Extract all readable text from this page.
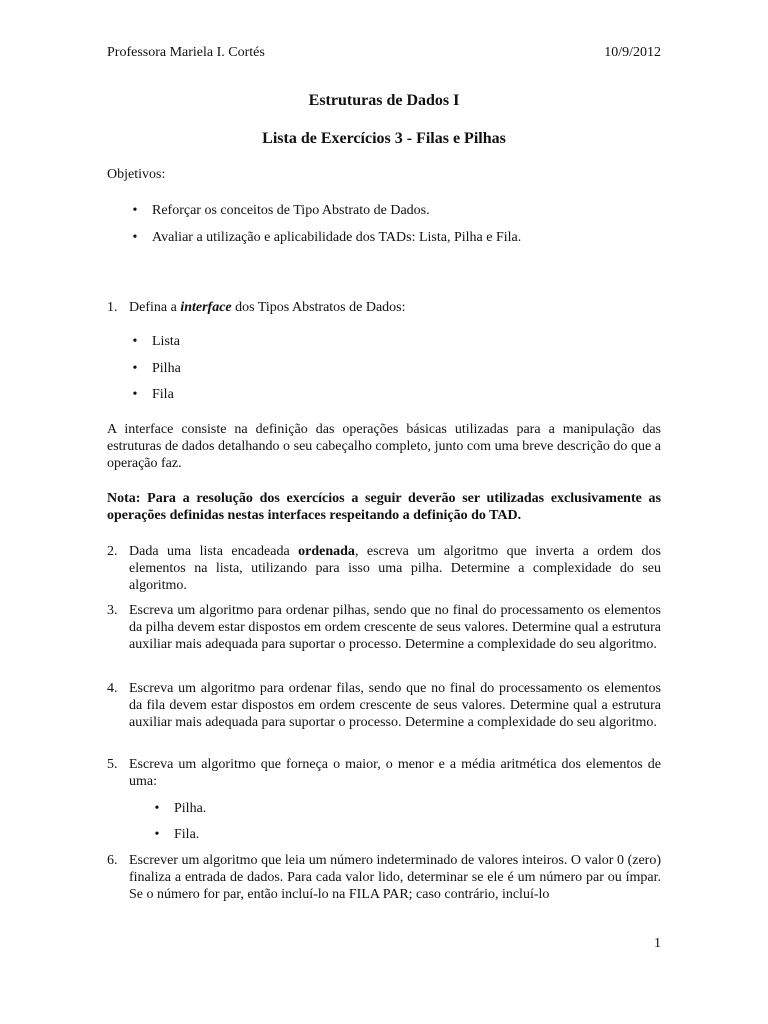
Professora Mariela I. Cortés	10/9/2012
Estruturas de Dados I
Lista de Exercícios 3 - Filas e Pilhas
Objetivos:
•	Reforçar os conceitos de Tipo Abstrato de Dados.
•	Avaliar a utilização e aplicabilidade dos TADs: Lista, Pilha e Fila.
1. Defina a interface dos Tipos Abstratos de Dados:
•	Lista
•	Pilha
•	Fila
A interface consiste na definição das operações básicas utilizadas para a manipulação das estruturas de dados detalhando o seu cabeçalho completo, junto com uma breve descrição do que a operação faz.
Nota: Para a resolução dos exercícios a seguir deverão ser utilizadas exclusivamente as operações definidas nestas interfaces respeitando a definição do TAD.
2. Dada uma lista encadeada ordenada, escreva um algoritmo que inverta a ordem dos elementos na lista, utilizando para isso uma pilha. Determine a complexidade do seu algoritmo.
3. Escreva um algoritmo para ordenar pilhas, sendo que no final do processamento os elementos da pilha devem estar dispostos em ordem crescente de seus valores. Determine qual a estrutura auxiliar mais adequada para suportar o processo. Determine a complexidade do seu algoritmo.
4. Escreva um algoritmo para ordenar filas, sendo que no final do processamento os elementos da fila devem estar dispostos em ordem crescente de seus valores. Determine qual a estrutura auxiliar mais adequada para suportar o processo. Determine a complexidade do seu algoritmo.
5. Escreva um algoritmo que forneça o maior, o menor e a média aritmética dos elementos de uma:
•	Pilha.
•	Fila.
6. Escrever um algoritmo que leia um número indeterminado de valores inteiros. O valor 0 (zero) finaliza a entrada de dados. Para cada valor lido, determinar se ele é um número par ou ímpar. Se o número for par, então incluí-lo na FILA PAR; caso contrário, incluí-lo
1
